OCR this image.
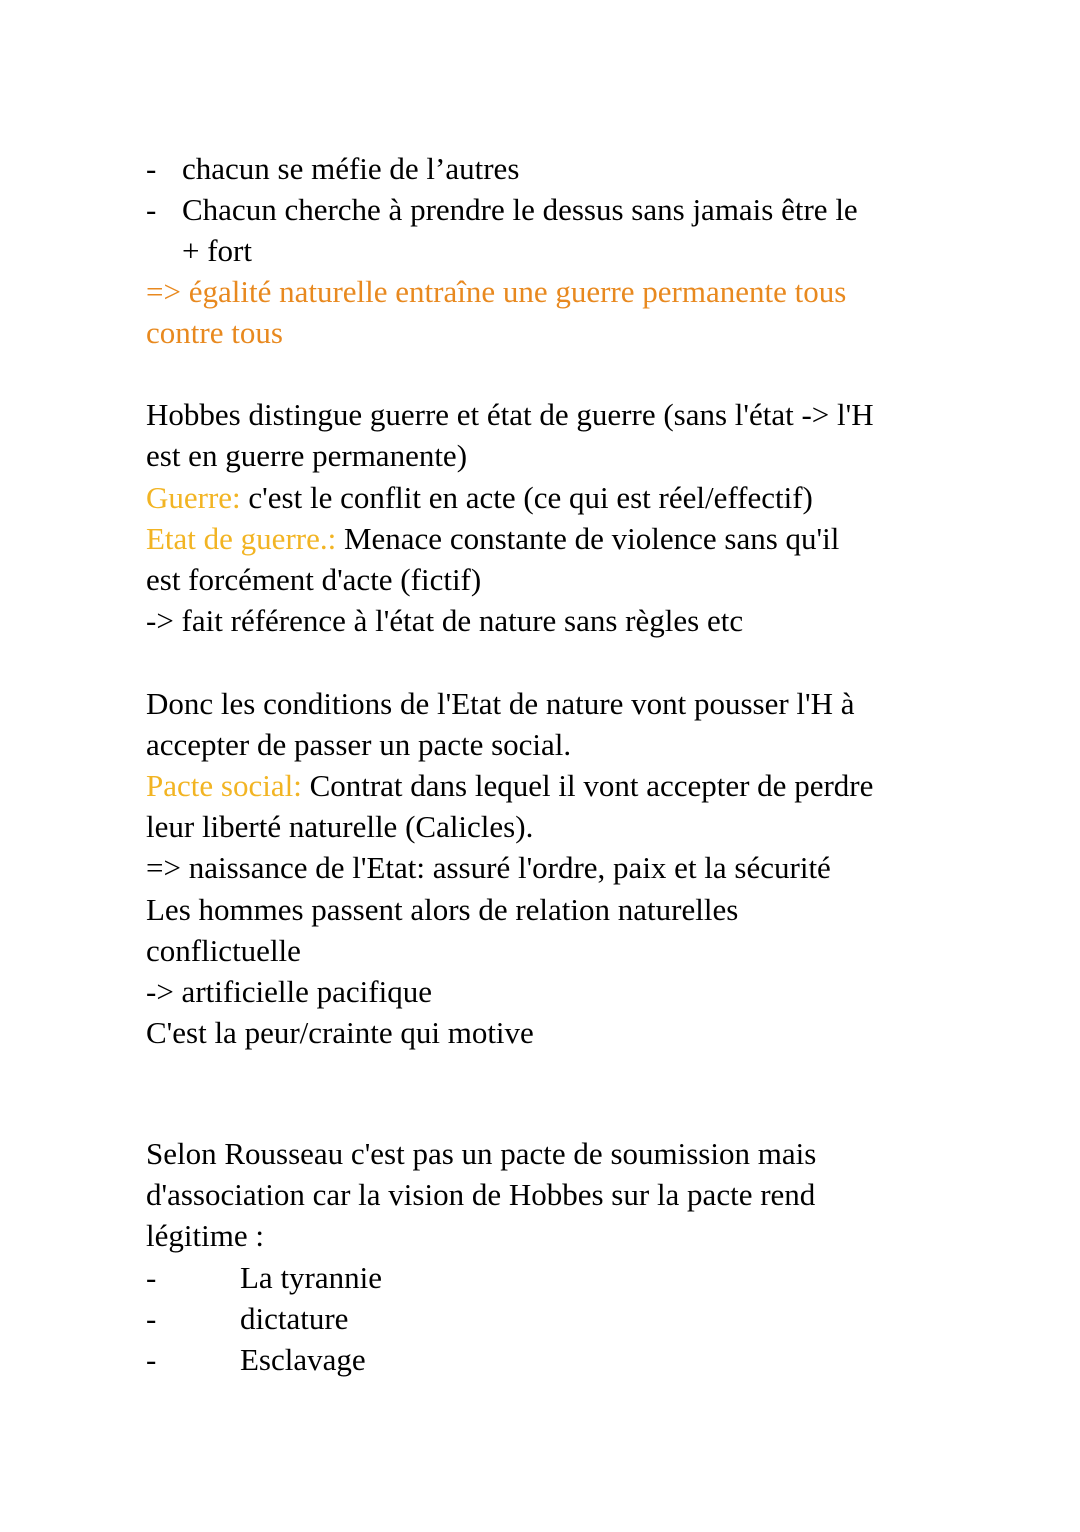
- chacun se méfie de l’autres
- Chacun cherche à prendre le dessus sans jamais être le
+ fort
=> égalité naturelle entraîne une guerre permanente tous
contre tous
Hobbes distingue guerre et état de guerre (sans l'état -> l'H
est en guerre permanente)
Guerre: c'est le conflit en acte (ce qui est réel/effectif)
Etat de guerre.: Menace constante de violence sans qu'il
est forcément d'acte (fictif)
-> fait référence à l'état de nature sans règles etc
Donc les conditions de l'Etat de nature vont pousser l'H à
accepter de passer un pacte social.
Pacte social: Contrat dans lequel il vont accepter de perdre
leur liberté naturelle (Calicles).
=> naissance de l'Etat: assuré l'ordre, paix et la sécurité
Les hommes passent alors de relation naturelles
conflictuelle
-> artificielle pacifique
C'est la peur/crainte qui motive
Selon Rousseau c'est pas un pacte de soumission mais
d'association car la vision de Hobbes sur la pacte rend
légitime :
-	La tyrannie
-	dictature
-	Esclavage
